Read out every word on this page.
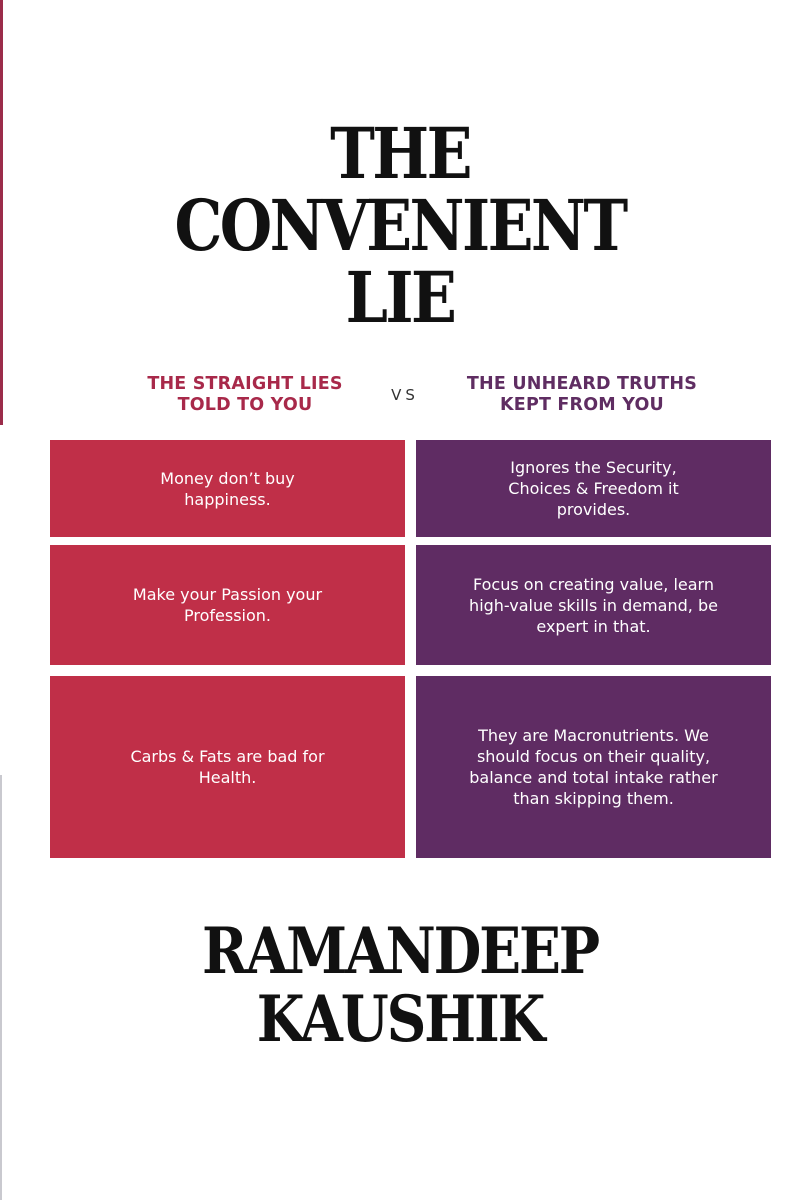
THE
CONVENIENT
LIE
THE STRAIGHT LIES
TOLD TO YOU	VS
THE UNHEARD TRUTHS
KEPT FROM YOU
Money don’t buy happiness.
Ignores the Security, Choices & Freedom it provides.
Make your Passion your Profession.
Focus on creating value, learn high-value skills in demand, be expert in that.
Carbs & Fats are bad for Health.
They are Macronutrients. We should focus on their quality, balance and total intake rather than skipping them.
RAMANDEEP
KAUSHIK
